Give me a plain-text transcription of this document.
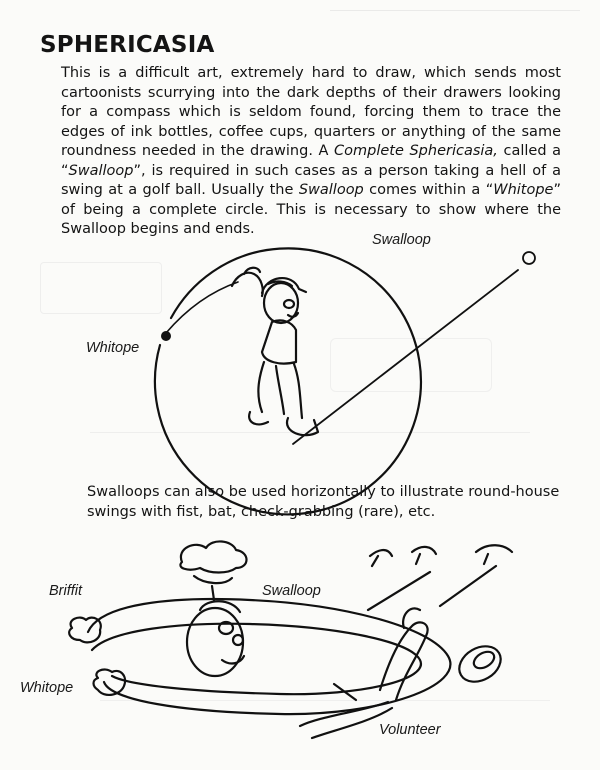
SPHERICASIA

This is a difficult art, extremely hard to draw, which sends most cartoonists scurrying into the dark depths of their drawers looking for a compass which is seldom found, forcing them to trace the edges of ink bottles, coffee cups, quarters or anything of the same roundness needed in the drawing. A Complete Sphericasia, called a “Swalloop”, is required in such cases as a person taking a hell of a swing at a golf ball. Usually the Swalloop comes within a “Whitope” of being a complete circle. This is necessary to show where the Swalloop begins and ends.

Swalloop
Whitope
Swalloops can also be used horizontally to illustrate round-house swings with fist, bat, check-grabbing (rare), etc.
Briffit	Swalloop
Whitope
Volunteer
